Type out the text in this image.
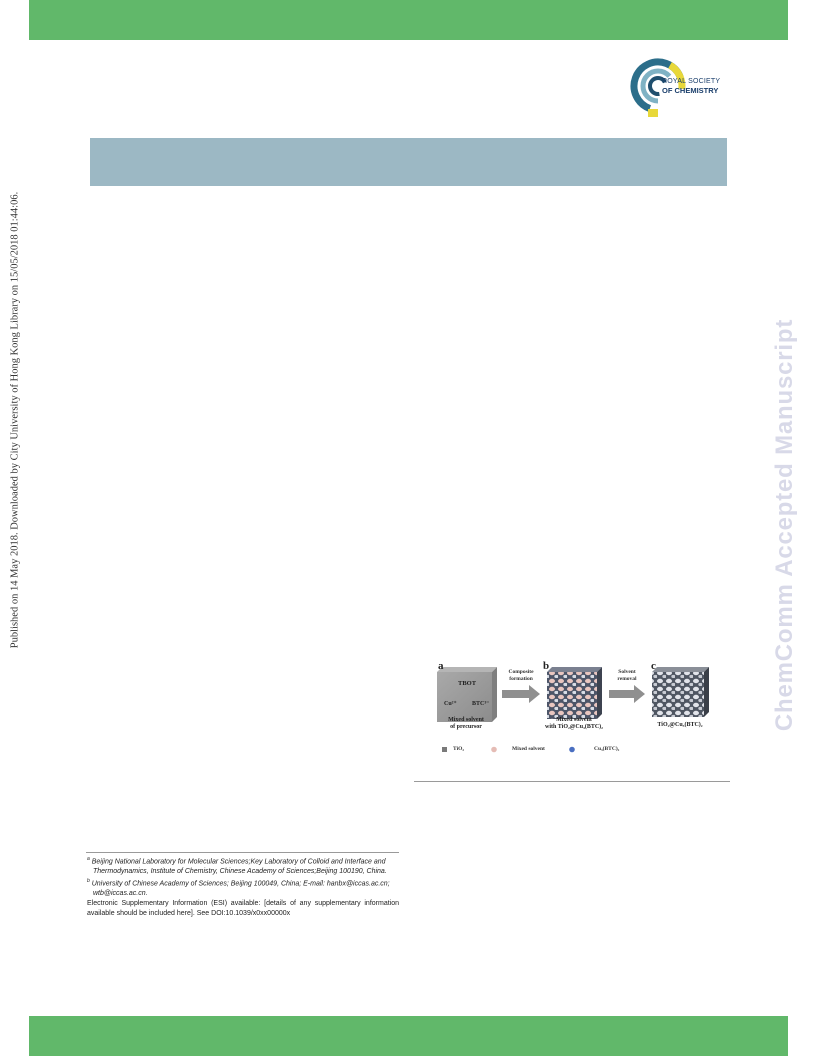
ROYAL SOCIETY
OF CHEMISTRY
Published on 14 May 2018. Downloaded by City University of Hong Kong Library on 15/05/2018 01:44:06.	ChemComm Accepted Manuscript
a
TBOT
Cu²⁺	BTC³⁻
Mixed solvent
of precursor
Composite
formation
b
Mixed solvent
with TiO₂@Cu₃(BTC)₂
Solvent
removal
c
TiO₂@Cu₃(BTC)₂
TiO₂	Mixed solvent	Cu₃(BTC)₂

$^a$ Beijing National Laboratory for Molecular Sciences;Key Laboratory of Colloid and Interface and Thermodynamics, Institute of Chemistry, Chinese Academy of Sciences;Beijing 100190, China.

$^b$ University of Chinese Academy of Sciences; Beijing 100049, China; E-mail: hanbx@iccas.ac.cn; wtb@iccas.ac.cn.

Electronic Supplementary Information (ESI) available: [details of any supplementary information available should be included here]. See DOI:10.1039/x0xx00000x
